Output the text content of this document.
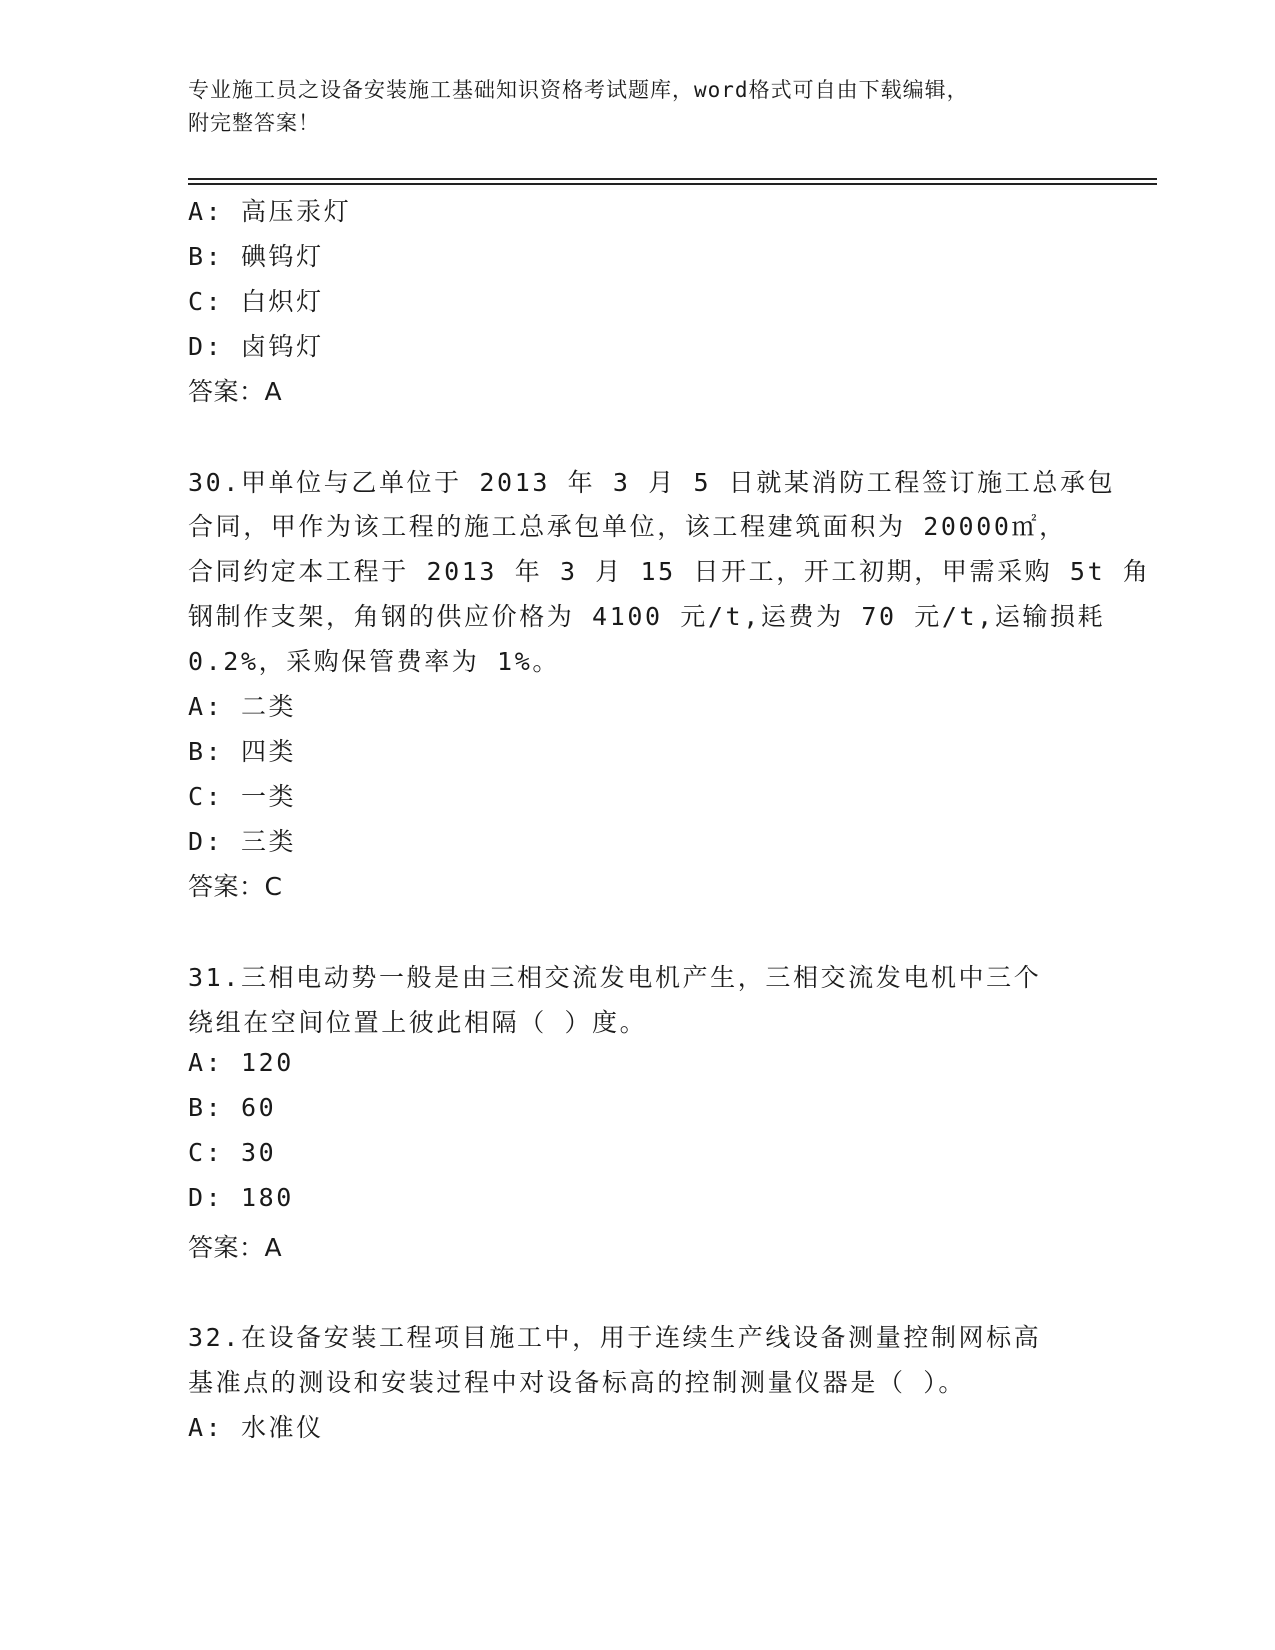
专业施工员之设备安装施工基础知识资格考试题库，word格式可自由下载编辑，
附完整答案！
A: 高压汞灯
B: 碘钨灯
C: 白炽灯
D: 卤钨灯
答案：A
30.甲单位与乙单位于 2013 年 3 月 5 日就某消防工程签订施工总承包
合同，甲作为该工程的施工总承包单位，该工程建筑面积为 20000㎡，
合同约定本工程于 2013 年 3 月 15 日开工，开工初期，甲需采购 5t 角
钢制作支架，角钢的供应价格为 4100 元/t,运费为 70 元/t,运输损耗
0.2%，采购保管费率为 1%。
A: 二类
B: 四类
C: 一类
D: 三类
答案：C
31.三相电动势一般是由三相交流发电机产生，三相交流发电机中三个
绕组在空间位置上彼此相隔（ ）度。
A: 120
B: 60
C: 30
D: 180
答案：A
32.在设备安装工程项目施工中，用于连续生产线设备测量控制网标高
基准点的测设和安装过程中对设备标高的控制测量仪器是（ ）。
A: 水准仪
